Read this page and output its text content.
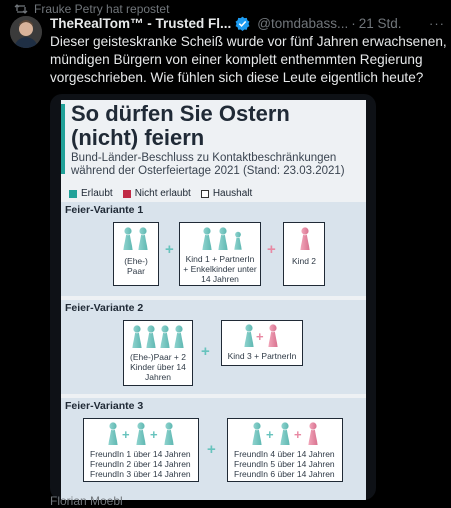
Frauke Petry hat repostet
TheRealTom™ - Trusted Fl... @tomdabass... · 21 Std. ···
Dieser geisteskranke Scheiß wurde vor fünf Jahren erwachsenen, mündigen Bürgern von einer komplett enthemmten Regierung vorgeschrieben. Wie fühlen sich diese Leute eigentlich heute?
So dürfen Sie Ostern
(nicht) feiern
Bund-Länder-Beschluss zu Kontaktbeschränkungen während der Osterfeiertage 2021 (Stand: 23.03.2021)
Erlaubt Nicht erlaubt Haushalt
Feier-Variante 1
(Ehe-) Paar
+
Kind 1 + PartnerIn + Enkelkinder unter 14 Jahren
+
Kind 2
Feier-Variante 2
(Ehe-)Paar + 2 Kinder über 14 Jahren
+
+
Kind 3 + PartnerIn
Feier-Variante 3
+ +
FreundIn 1 über 14 Jahren
FreundIn 2 über 14 Jahren
FreundIn 3 über 14 Jahren
+
+ +
FreundIn 4 über 14 Jahren
FreundIn 5 über 14 Jahren
FreundIn 6 über 14 Jahren
Florian Moebl
